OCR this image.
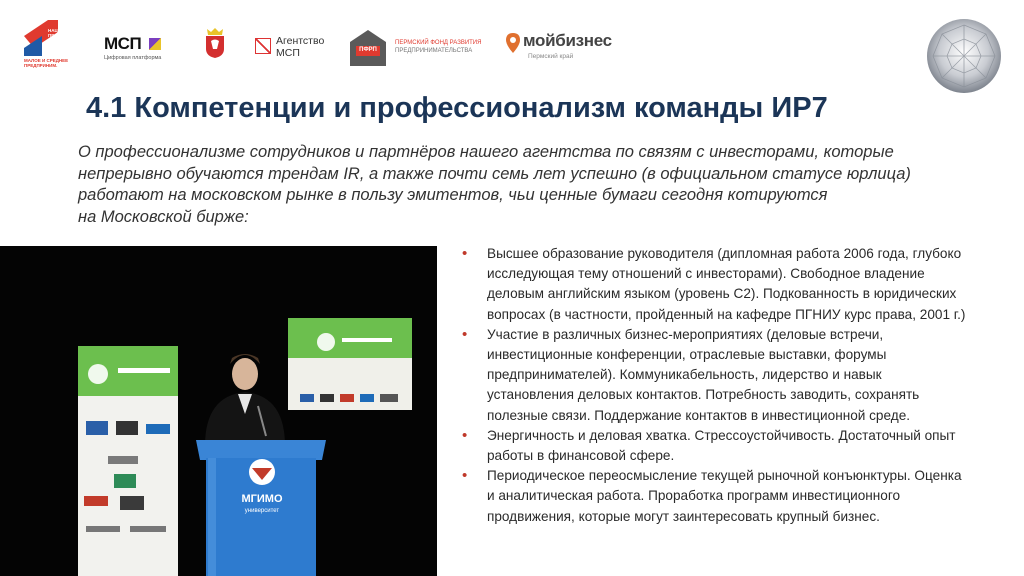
НАЦИОНАЛЬНЫЕ
ПРОЕКТЫ
РОССИИ
МАЛОЕ И СРЕДНЕЕ
ПРЕДПРИНИМ.
МСП
Цифровая платформа
Агентство
МСП	ПФРП
ПЕРМСКИЙ ФОНД РАЗВИТИЯ
ПРЕДПРИНИМАТЕЛЬСТВА
мойбизнес
Пермский край
4.1 Компетенции и профессионализм команды ИР7
О профессионализме сотрудников и партнёров нашего агентства по связям с инвесторами, которые
непрерывно обучаются трендам IR, а также почти семь лет успешно (в официальном статусе юрлица)
работают на московском рынке в пользу эмитентов, чьи ценные бумаги сегодня котируются
на Московской бирже:
МГИМО
университет
• Высшее образование руководителя (дипломная работа 2006 года, глубоко
исследующая тему отношений с инвесторами). Свободное владение
деловым английским языком (уровень С2). Подкованность в юридических
вопросах (в частности, пройденный на кафедре ПГНИУ курс права, 2001 г.)
• Участие в различных бизнес-мероприятиях (деловые встречи,
инвестиционные конференции, отраслевые выставки, форумы
предпринимателей). Коммуникабельность, лидерство и навык
установления деловых контактов. Потребность заводить, сохранять
полезные связи. Поддержание контактов в инвестиционной среде.
• Энергичность и деловая хватка. Стрессоустойчивость. Достаточный опыт
работы в финансовой сфере.
• Периодическое переосмысление текущей рыночной конъюнктуры. Оценка
и аналитическая работа. Проработка программ инвестиционного
продвижения, которые могут заинтересовать крупный бизнес.
